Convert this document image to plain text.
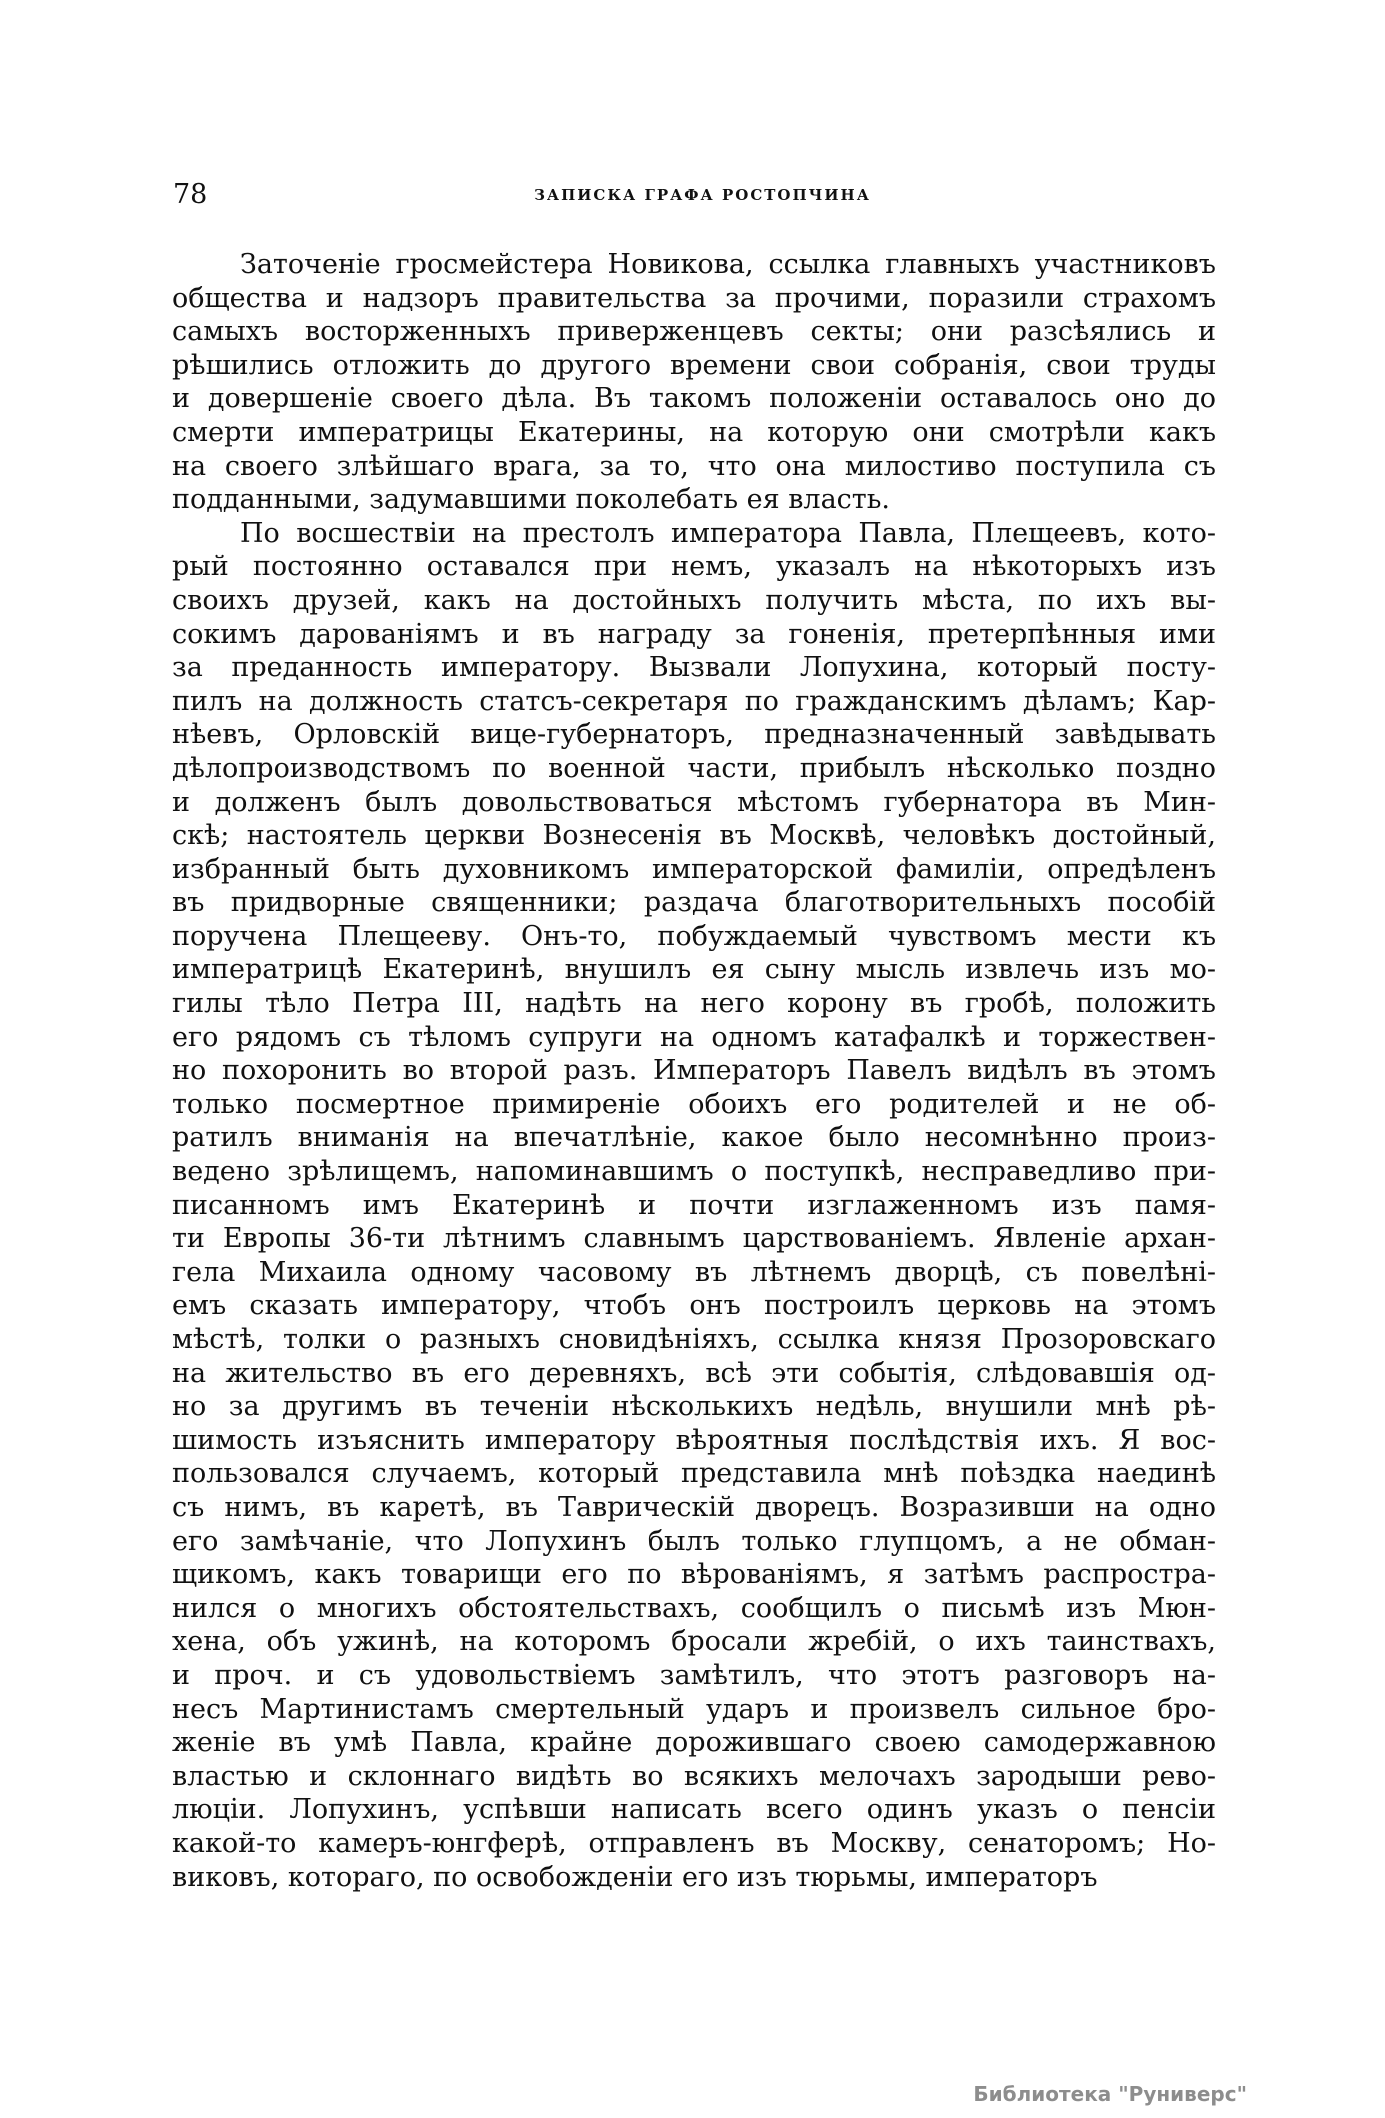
78	ЗАПИСКА ГРАФА РОСТОПЧИНА
Заточеніе гросмейстера Новикова, ссылка главныхъ участниковъ
общества и надзоръ правительства за прочими, поразили страхомъ
самыхъ восторженныхъ приверженцевъ секты; они разсѣялись и
рѣшились отложить до другого времени свои собранія, свои труды
и довершеніе своего дѣла. Въ такомъ положеніи оставалось оно до
смерти императрицы Екатерины, на которую они смотрѣли какъ
на своего злѣйшаго врага, за то, что она милостиво поступила съ
подданными, задумавшими поколебать ея власть.
По восшествіи на престолъ императора Павла, Плещеевъ, кото-
рый постоянно оставался при немъ, указалъ на нѣкоторыхъ изъ
своихъ друзей, какъ на достойныхъ получить мѣста, по ихъ вы-
сокимъ дарованіямъ и въ награду за гоненія, претерпѣнныя ими
за преданность императору. Вызвали Лопухина, который посту-
пилъ на должность статсъ-секретаря по гражданскимъ дѣламъ; Кар-
нѣевъ, Орловскій вице-губернаторъ, предназначенный завѣдывать
дѣлопроизводствомъ по военной части, прибылъ нѣсколько поздно
и долженъ былъ довольствоваться мѣстомъ губернатора въ Мин-
скѣ; настоятель церкви Вознесенія въ Москвѣ, человѣкъ достойный,
избранный быть духовникомъ императорской фамиліи, опредѣленъ
въ придворные священники; раздача благотворительныхъ пособій
поручена Плещееву. Онъ-то, побуждаемый чувствомъ мести къ
императрицѣ Екатеринѣ, внушилъ ея сыну мысль извлечь изъ мо-
гилы тѣло Петра III, надѣть на него корону въ гробѣ, положить
его рядомъ съ тѣломъ супруги на одномъ катафалкѣ и торжествен-
но похоронить во второй разъ. Императоръ Павелъ видѣлъ въ этомъ
только посмертное примиреніе обоихъ его родителей и не об-
ратилъ вниманія на впечатлѣніе, какое было несомнѣнно произ-
ведено зрѣлищемъ, напоминавшимъ о поступкѣ, несправедливо при-
писанномъ имъ Екатеринѣ и почти изглаженномъ изъ памя-
ти Европы 36-ти лѣтнимъ славнымъ царствованіемъ. Явленіе архан-
гела Михаила одному часовому въ лѣтнемъ дворцѣ, съ повелѣні-
емъ сказать императору, чтобъ онъ построилъ церковь на этомъ
мѣстѣ, толки о разныхъ сновидѣніяхъ, ссылка князя Прозоровскаго
на жительство въ его деревняхъ, всѣ эти событія, слѣдовавшія од-
но за другимъ въ теченіи нѣсколькихъ недѣль, внушили мнѣ рѣ-
шимость изъяснить императору вѣроятныя послѣдствія ихъ. Я вос-
пользовался случаемъ, который представила мнѣ поѣздка наединѣ
съ нимъ, въ каретѣ, въ Таврическій дворецъ. Возразивши на одно
его замѣчаніе, что Лопухинъ былъ только глупцомъ, а не обман-
щикомъ, какъ товарищи его по вѣрованіямъ, я затѣмъ распростра-
нился о многихъ обстоятельствахъ, сообщилъ о письмѣ изъ Мюн-
хена, объ ужинѣ, на которомъ бросали жребій, о ихъ таинствахъ,
и проч. и съ удовольствіемъ замѣтилъ, что этотъ разговоръ на-
несъ Мартинистамъ смертельный ударъ и произвелъ сильное бро-
женіе въ умѣ Павла, крайне дорожившаго своею самодержавною
властью и склоннаго видѣть во всякихъ мелочахъ зародыши рево-
люціи. Лопухинъ, успѣвши написать всего одинъ указъ о пенсіи
какой-то камеръ-юнгферѣ, отправленъ въ Москву, сенаторомъ; Но-
виковъ, котораго, по освобожденіи его изъ тюрьмы, императоръ
Библиотека "Руниверс"
